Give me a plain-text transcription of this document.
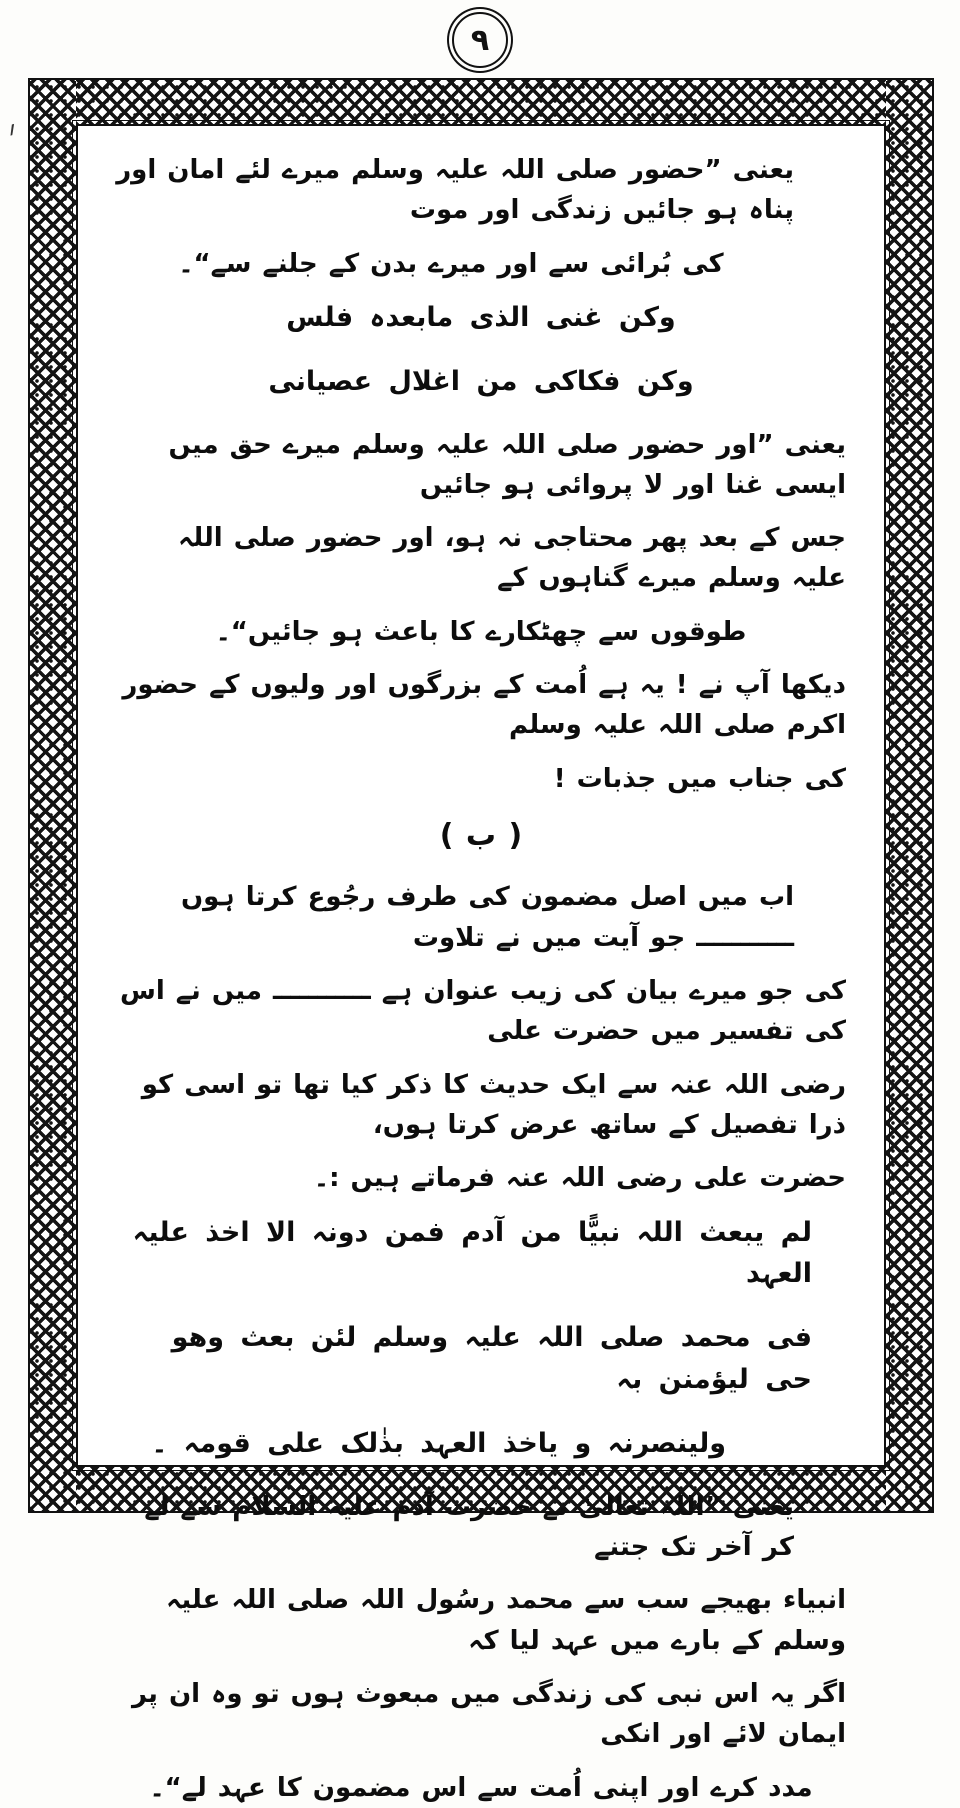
٩
؍

یعنی ”حضور صلی اللہ علیہ وسلم میرے لئے امان اور پناہ ہو جائیں زندگی اور موت

کی بُرائی سے اور میرے بدن کے جلنے سے“۔

وکن غنی الذی مابعدہ فلس

وکن فکاکی من اغلال عصیانی

یعنی ”اور حضور صلی اللہ علیہ وسلم میرے حق میں ایسی غنا اور لا پروائی ہو جائیں

جس کے بعد پھر محتاجی نہ ہو، اور حضور صلی اللہ علیہ وسلم میرے گناہوں کے

طوقوں سے چھٹکارے کا باعث ہو جائیں“۔

دیکھا آپ نے ! یہ ہے اُمت کے بزرگوں اور ولیوں کے حضور اکرم صلی اللہ علیہ وسلم

کی جناب میں جذبات !

( ب )

اب میں اصل مضمون کی طرف رجُوع کرتا ہوں ـــــــــــ جو آیت میں نے تلاوت

کی جو میرے بیان کی زیب عنوان ہے ـــــــــــ میں نے اس کی تفسیر میں حضرت علی

رضی اللہ عنہ سے ایک حدیث کا ذکر کیا تھا تو اسی کو ذرا تفصیل کے ساتھ عرض کرتا ہوں،

حضرت علی رضی اللہ عنہ فرماتے ہیں :۔

لم یبعث اللہ نبیًّا من آدم فمن دونہ الا اخذ علیہ العہد

فی محمد صلی اللہ علیہ وسلم لئن بعث وھو حی لیؤمنن بہ

ولینصرنہ و یاخذ العہد بذٰلک علی قومہ ۔

یعنی ”اللہ تعالیٰ نے حضرت آدم علیہ السلام سے لے کر آخر تک جتنے

انبیاء بھیجے سب سے محمد رسُول اللہ صلی اللہ علیہ وسلم کے بارے میں عہد لیا کہ

اگر یہ اس نبی کی زندگی میں مبعوث ہوں تو وہ ان پر ایمان لائے اور انکی

مدد کرے اور اپنی اُمت سے اس مضمون کا عہد لے“۔
